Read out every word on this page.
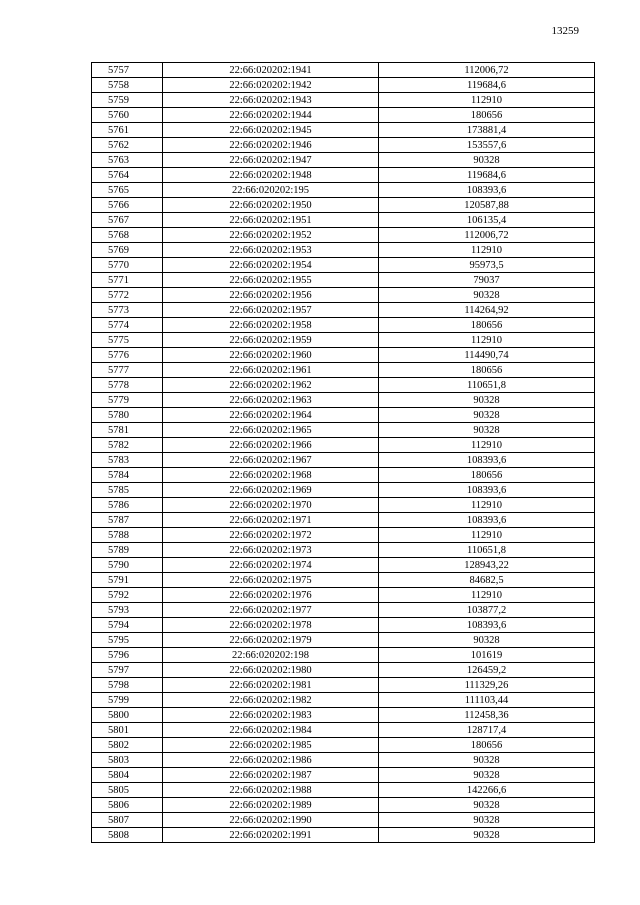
13259
5757	22:66:020202:1941	112006,72
5758	22:66:020202:1942	119684,6
5759	22:66:020202:1943	112910
5760	22:66:020202:1944	180656
5761	22:66:020202:1945	173881,4
5762	22:66:020202:1946	153557,6
5763	22:66:020202:1947	90328
5764	22:66:020202:1948	119684,6
5765	22:66:020202:195	108393,6
5766	22:66:020202:1950	120587,88
5767	22:66:020202:1951	106135,4
5768	22:66:020202:1952	112006,72
5769	22:66:020202:1953	112910
5770	22:66:020202:1954	95973,5
5771	22:66:020202:1955	79037
5772	22:66:020202:1956	90328
5773	22:66:020202:1957	114264,92
5774	22:66:020202:1958	180656
5775	22:66:020202:1959	112910
5776	22:66:020202:1960	114490,74
5777	22:66:020202:1961	180656
5778	22:66:020202:1962	110651,8
5779	22:66:020202:1963	90328
5780	22:66:020202:1964	90328
5781	22:66:020202:1965	90328
5782	22:66:020202:1966	112910
5783	22:66:020202:1967	108393,6
5784	22:66:020202:1968	180656
5785	22:66:020202:1969	108393,6
5786	22:66:020202:1970	112910
5787	22:66:020202:1971	108393,6
5788	22:66:020202:1972	112910
5789	22:66:020202:1973	110651,8
5790	22:66:020202:1974	128943,22
5791	22:66:020202:1975	84682,5
5792	22:66:020202:1976	112910
5793	22:66:020202:1977	103877,2
5794	22:66:020202:1978	108393,6
5795	22:66:020202:1979	90328
5796	22:66:020202:198	101619
5797	22:66:020202:1980	126459,2
5798	22:66:020202:1981	111329,26
5799	22:66:020202:1982	111103,44
5800	22:66:020202:1983	112458,36
5801	22:66:020202:1984	128717,4
5802	22:66:020202:1985	180656
5803	22:66:020202:1986	90328
5804	22:66:020202:1987	90328
5805	22:66:020202:1988	142266,6
5806	22:66:020202:1989	90328
5807	22:66:020202:1990	90328
5808	22:66:020202:1991	90328
